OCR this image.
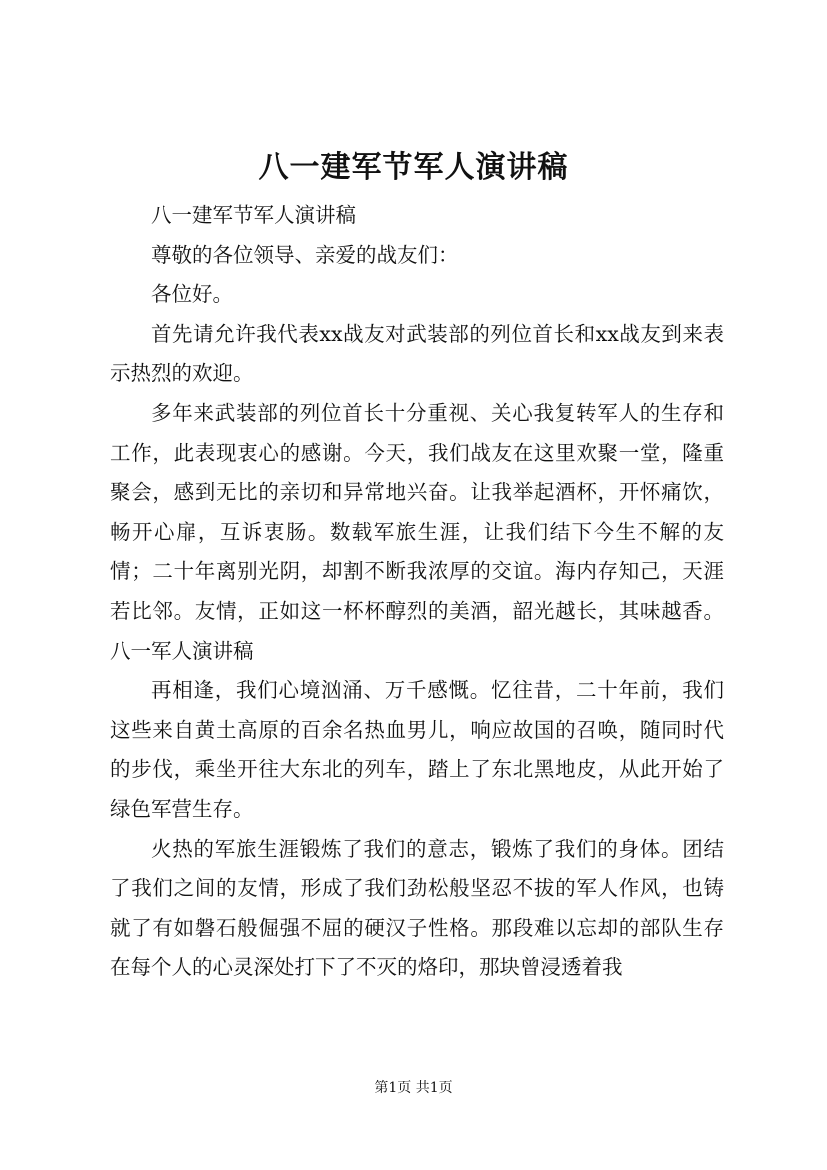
八一建军节军人演讲稿

八一建军节军人演讲稿

尊敬的各位领导、亲爱的战友们：

各位好。

首先请允许我代表xx战友对武装部的列位首长和xx战友到来表示热烈的欢迎。

多年来武装部的列位首长十分重视、关心我复转军人的生存和工作，此表现衷心的感谢。今天，我们战友在这里欢聚一堂，隆重聚会，感到无比的亲切和异常地兴奋。让我举起酒杯，开怀痛饮，畅开心扉，互诉衷肠。数载军旅生涯，让我们结下今生不解的友情；二十年离别光阴，却割不断我浓厚的交谊。海内存知己，天涯若比邻。友情，正如这一杯杯醇烈的美酒，韶光越长，其味越香。八一军人演讲稿

再相逢，我们心境汹涌、万千感慨。忆往昔，二十年前，我们这些来自黄土高原的百余名热血男儿，响应故国的召唤，随同时代的步伐，乘坐开往大东北的列车，踏上了东北黑地皮，从此开始了绿色军营生存。

火热的军旅生涯锻炼了我们的意志，锻炼了我们的身体。团结了我们之间的友情，形成了我们劲松般坚忍不拔的军人作风，也铸就了有如磐石般倔强不屈的硬汉子性格。那段难以忘却的部队生存在每个人的心灵深处打下了不灭的烙印，那块曾浸透着我

第1页 共1页
